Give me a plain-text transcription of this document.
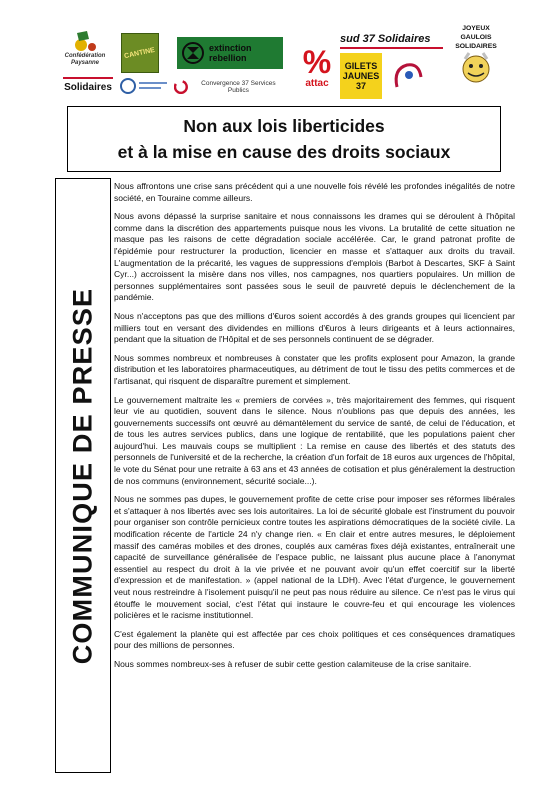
Confédération Paysanne
CANTINE	extinction rebellion	%
attac
sud 37 Solidaires
JOYEUX GAULOIS SOLIDAIRES
Solidaires	Convergence 37 Services Publics
GILETS JAUNES 37
Non aux lois liberticides
et à la mise en cause des droits sociaux
COMMUNIQUE DE PRESSE

Nous affrontons une crise sans précédent qui a une nouvelle fois révélé les profondes inégalités de notre société, en Touraine comme ailleurs.

Nous avons dépassé la surprise sanitaire et nous connaissons les drames qui se déroulent à l'hôpital comme dans la discrétion des appartements puisque nous les vivons. La brutalité de cette situation ne masque pas les raisons de cette dégradation sociale accélérée. Car, le grand patronat profite de l'épidémie pour restructurer la production, licencier en masse et s'attaquer aux droits du travail. L'augmentation de la précarité, les vagues de suppressions d'emplois (Barbot à Descartes, SKF à Saint Cyr...) accroissent la misère dans nos villes, nos campagnes, nos quartiers populaires. Un million de personnes supplémentaires sont passées sous le seuil de pauvreté depuis le déclenchement de la pandémie.

Nous n'acceptons pas que des millions d'€uros soient accordés à des grands groupes qui licencient par milliers tout en versant des dividendes en millions d'€uros à leurs dirigeants et à leurs actionnaires, pendant que la situation de l'Hôpital et de ses personnels continuent de se dégrader.

Nous sommes nombreux et nombreuses à constater que les profits explosent pour Amazon, la grande distribution et les laboratoires pharmaceutiques, au détriment de tout le tissu des petits commerces et de l'artisanat, qui risquent de disparaître purement et simplement.

Le gouvernement maltraite les « premiers de corvées », très majoritairement des femmes, qui risquent leur vie au quotidien, souvent dans le silence. Nous n'oublions pas que depuis des années, les gouvernements successifs ont œuvré au démantèlement du service de santé, de celui de l'éducation, et de tous les autres services publics, dans une logique de rentabilité, que les populations paient cher aujourd'hui. Les mauvais coups se multiplient : La remise en cause des libertés et des statuts des personnels de l'université et de la recherche, la création d'un forfait de 18 euros aux urgences de l'hôpital, le vote du Sénat pour une retraite à 63 ans et 43 années de cotisation et plus généralement la destruction de nos communs (environnement, sécurité sociale...).

Nous ne sommes pas dupes, le gouvernement profite de cette crise pour imposer ses réformes libérales et s'attaquer à nos libertés avec ses lois autoritaires. La loi de sécurité globale est l'instrument du pouvoir pour organiser son contrôle pernicieux contre toutes les aspirations démocratiques de la société civile. La modification récente de l'article 24 n'y change rien. « En clair et entre autres mesures, le déploiement massif des caméras mobiles et des drones, couplés aux caméras fixes déjà existantes, entraînerait une capacité de surveillance généralisée de l'espace public, ne laissant plus aucune place à l'anonymat essentiel au respect du droit à la vie privée et ne pouvant avoir qu'un effet coercitif sur la liberté d'expression et de manifestation. » (appel national de la LDH). Avec l'état d'urgence, le gouvernement veut nous restreindre à l'isolement puisqu'il ne peut pas nous réduire au silence. Ce n'est pas le virus qui étouffe le mouvement social, c'est l'état qui instaure le couvre-feu et qui encourage les violences policières et le racisme institutionnel.

C'est également la planète qui est affectée par ces choix politiques et ces conséquences dramatiques pour des millions de personnes.

Nous sommes nombreux-ses à refuser de subir cette gestion calamiteuse de la crise sanitaire.
